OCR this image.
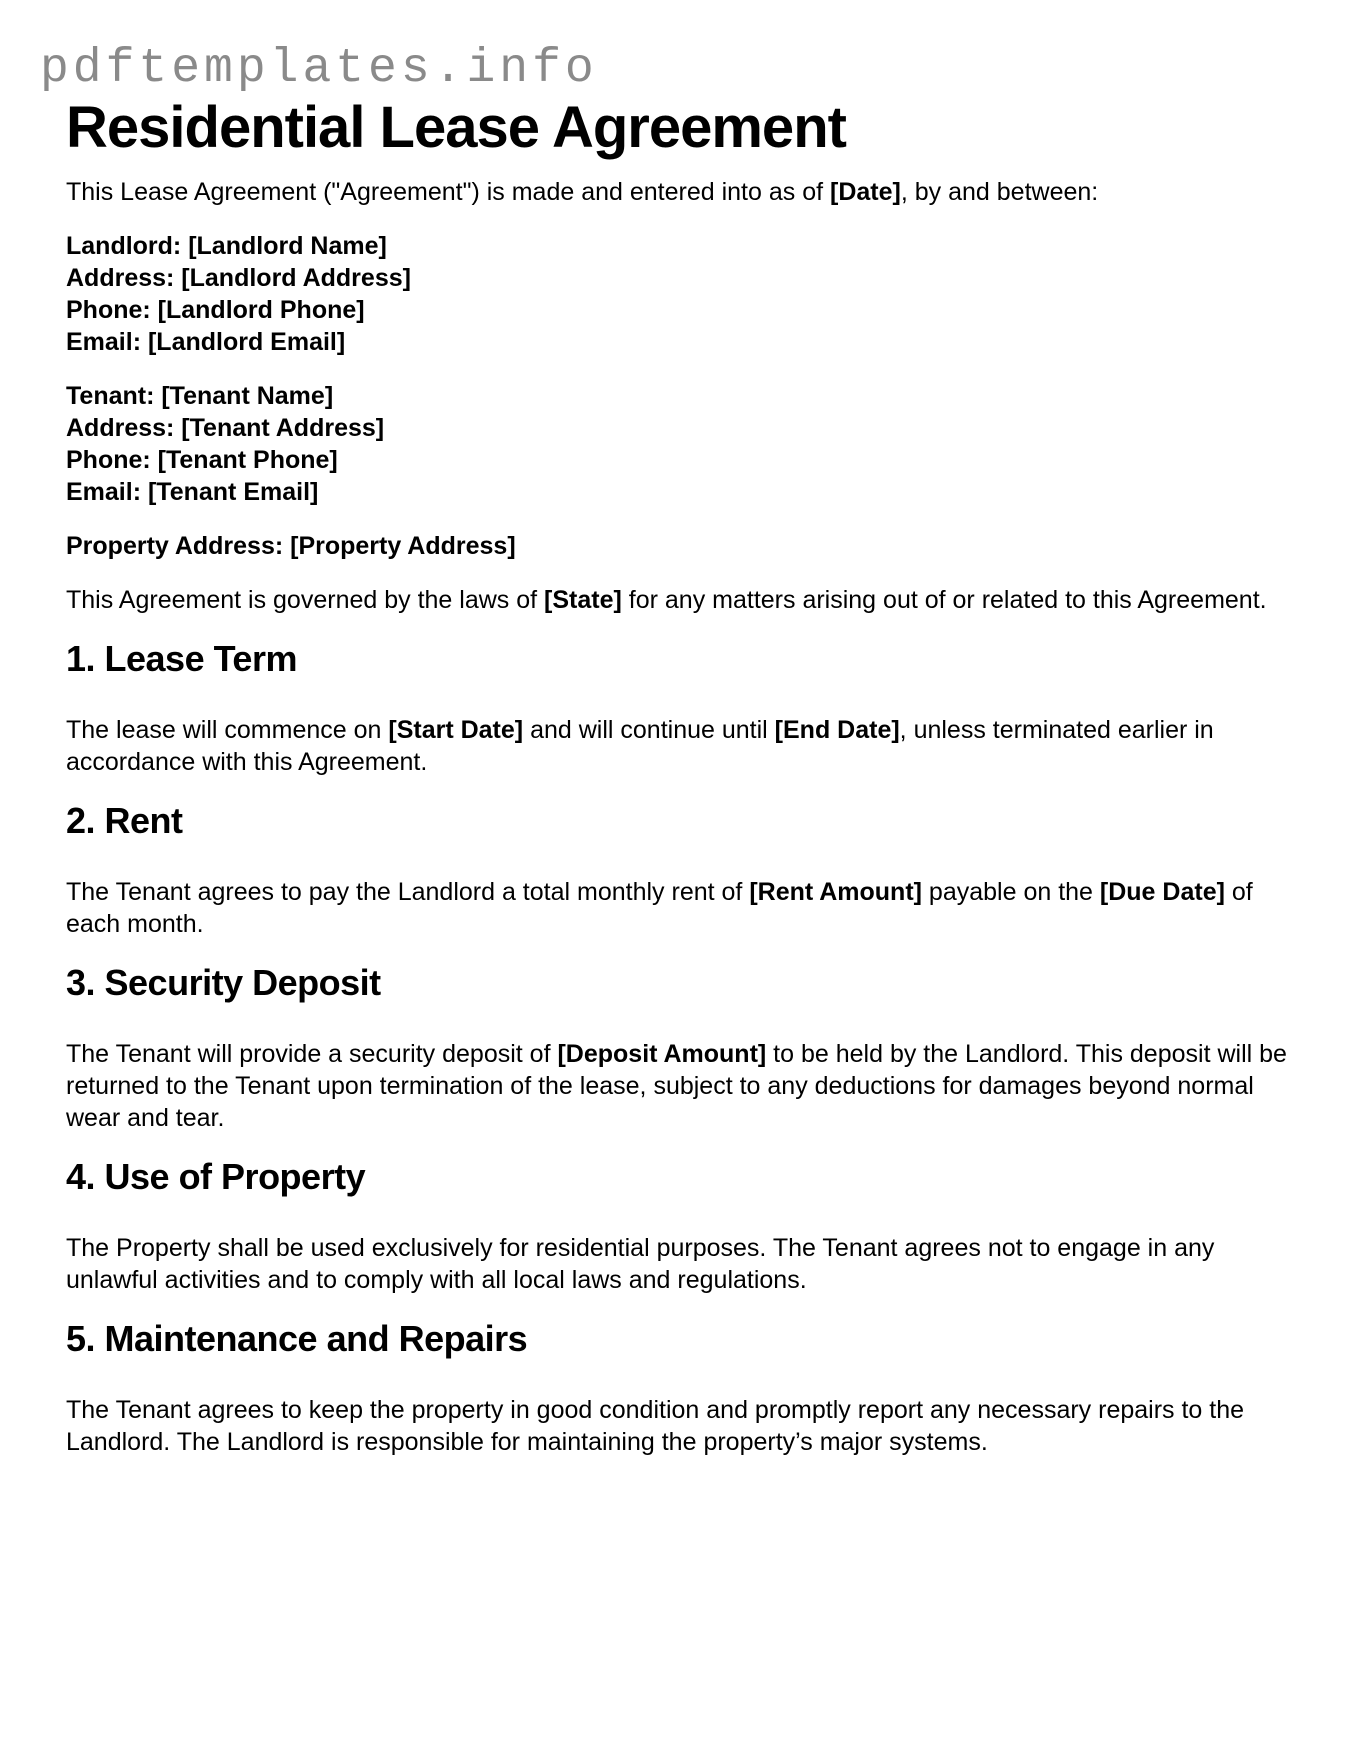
pdftemplates.info
Residential Lease Agreement

This Lease Agreement ("Agreement") is made and entered into as of [Date], by and between:

Landlord: [Landlord Name]
Address: [Landlord Address]
Phone: [Landlord Phone]
Email: [Landlord Email]

Tenant: [Tenant Name]
Address: [Tenant Address]
Phone: [Tenant Phone]
Email: [Tenant Email]

Property Address: [Property Address]

This Agreement is governed by the laws of [State] for any matters arising out of or related to this Agreement.

1. Lease Term

The lease will commence on [Start Date] and will continue until [End Date], unless terminated earlier in accordance with this Agreement.

2. Rent

The Tenant agrees to pay the Landlord a total monthly rent of [Rent Amount] payable on the [Due Date] of each month.

3. Security Deposit

The Tenant will provide a security deposit of [Deposit Amount] to be held by the Landlord. This deposit will be returned to the Tenant upon termination of the lease, subject to any deductions for damages beyond normal wear and tear.

4. Use of Property

The Property shall be used exclusively for residential purposes. The Tenant agrees not to engage in any unlawful activities and to comply with all local laws and regulations.

5. Maintenance and Repairs

The Tenant agrees to keep the property in good condition and promptly report any necessary repairs to the Landlord. The Landlord is responsible for maintaining the property’s major systems.
